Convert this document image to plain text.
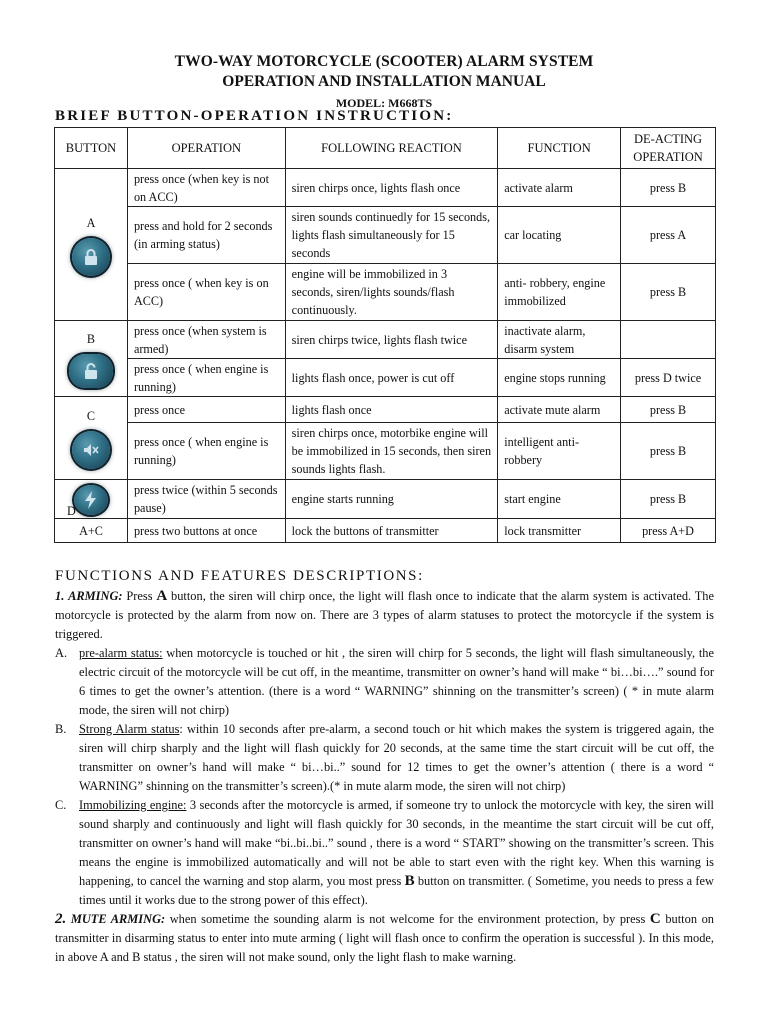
TWO-WAY MOTORCYCLE (SCOOTER) ALARM SYSTEM
OPERATION AND INSTALLATION MANUAL
MODEL: M668TS
BRIEF BUTTON-OPERATION INSTRUCTION:
BUTTON	OPERATION	FOLLOWING REACTION	FUNCTION	DE-ACTING OPERATION

A	press once (when key is not on ACC)	siren chirps once, lights flash once	activate alarm	press B
	press and hold for 2 seconds (in arming status)	siren sounds continuedly for 15 seconds, lights flash simultaneously for 15 seconds	car locating	press A
	press once ( when key is on ACC)	engine will be immobilized in 3 seconds, siren/lights sounds/flash continuously.	anti- robbery, engine immobilized	press B

B	press once (when system is armed)	siren chirps twice, lights flash twice	inactivate alarm, disarm system	
	press once ( when engine is running)	lights flash once, power is cut off	engine stops running	press D twice

C	press once	lights flash once	activate mute alarm	press B
	press once ( when engine is running)	siren chirps once, motorbike engine will be immobilized in 15 seconds, then siren sounds lights flash.	intelligent anti-robbery	press B

D	press twice (within 5 seconds pause)	engine starts running	start engine	press B
A+C	press two buttons at once	lock the buttons of transmitter	lock transmitter	press A+D
FUNCTIONS AND FEATURES DESCRIPTIONS:

1. ARMING: Press A button, the siren will chirp once, the light will flash once to indicate that the alarm system is activated. The motorcycle is protected by the alarm from now on. There are 3 types of alarm statuses to protect the motorcycle if the system is triggered.

A. pre-alarm status: when motorcycle is touched or hit , the siren will chirp for 5 seconds, the light will flash simultaneously, the electric circuit of the motorcycle will be cut off, in the meantime, transmitter on owner’s hand will make “ bi…bi….” sound for 6 times to get the owner’s attention. (there is a word “ WARNING” shinning on the transmitter’s screen) ( * in mute alarm mode, the siren will not chirp)

B. Strong Alarm status: within 10 seconds after pre-alarm, a second touch or hit which makes the system is triggered again, the siren will chirp sharply and the light will flash quickly for 20 seconds, at the same time the start circuit will be cut off, the transmitter on owner’s hand will make “ bi…bi..” sound for 12 times to get the owner’s attention ( there is a word “ WARNING” shinning on the transmitter’s screen).(* in mute alarm mode, the siren will not chirp)

C. Immobilizing engine: 3 seconds after the motorcycle is armed, if someone try to unlock the motorcycle with key, the siren will sound sharply and continuously and light will flash quickly for 30 seconds, in the meantime the start circuit will be cut off, transmitter on owner’s hand will make “bi..bi..bi..” sound , there is a word “ START” showing on the transmitter’s screen. This means the engine is immobilized automatically and will not be able to start even with the right key. When this warning is happening, to cancel the warning and stop alarm, you most press B button on transmitter. ( Sometime, you needs to press a few times until it works due to the strong power of this effect).

2. MUTE ARMING: when sometime the sounding alarm is not welcome for the environment protection, by press C button on transmitter in disarming status to enter into mute arming ( light will flash once to confirm the operation is successful ). In this mode, in above A and B status , the siren will not make sound, only the light flash to make warning.
